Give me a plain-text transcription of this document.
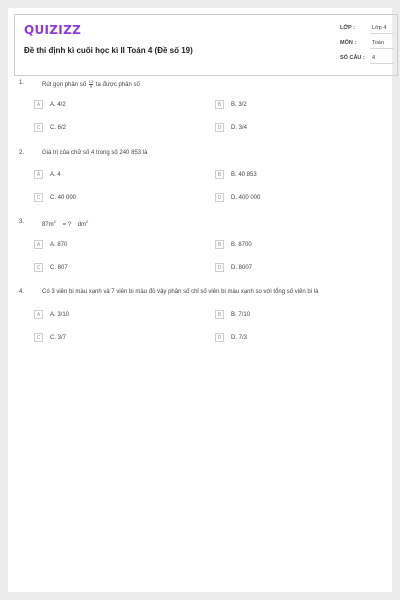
QUIZIZZ
Đề thi định kì cuối học kì II Toán 4 (Đề số 19)
LỚP :	Lớp 4
MÔN :	Toán
SỐ CÂU : 4
1.	Rút gọn phân số $\frac{12}{9}$ ta được phân số
A	A. 4/2	B	B. 3/2
C	C. 6/2	D	D. 3/4
2.	Giá trị của chữ số 4 trong số 240 853 là
A	A. 4	B	B. 40 853
C	C. 40 000	D	D. 400 000
3.	$87m^2$    = ? $dm^2$
A	A. 870	B	B. 8700
C	C. 807	D	D. 8007
4.	Có 3 viên bi màu xanh và 7 viên bi màu đỏ vậy phân số chỉ số viên bi màu xanh so với tổng số viên bi là
A	A. 3/10	B	B. 7/10
C	C. 3/7	D	D. 7/3
